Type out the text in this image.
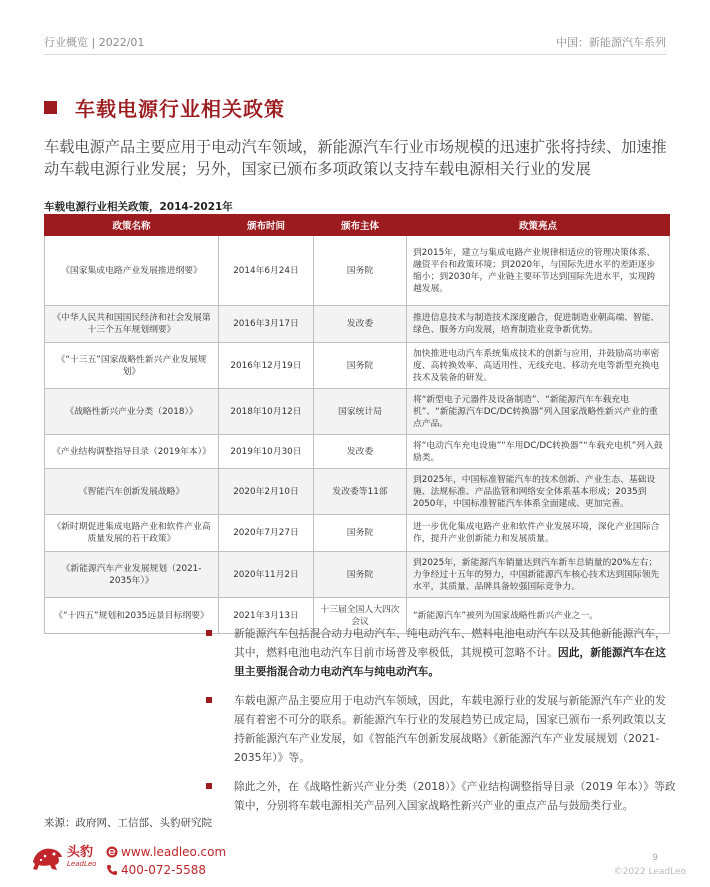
行业概览 | 2022/01	中国：新能源汽车系列
车载电源行业相关政策
车载电源产品主要应用于电动汽车领域，新能源汽车行业市场规模的迅速扩张将持续、加速推动车载电源行业发展；另外，国家已颁布多项政策以支持车载电源相关行业的发展
车载电源行业相关政策，2014-2021年
政策名称	颁布时间	颁布主体	政策亮点
《国家集成电路产业发展推进纲要》	2014年6月24日	国务院	到2015年，建立与集成电路产业规律相适应的管理决策体系、融资平台和政策环境；到2020年，与国际先进水平的差距逐步缩小；到2030年，产业链主要环节达到国际先进水平，实现跨越发展。
《中华人民共和国国民经济和社会发展第十三个五年规划纲要》	2016年3月17日	发改委	推进信息技术与制造技术深度融合，促进制造业朝高端、智能、绿色、服务方向发展，培育制造业竞争新优势。
《“十三五”国家战略性新兴产业发展规划》	2016年12月19日	国务院	加快推进电动汽车系统集成技术的创新与应用，并鼓励高功率密度、高转换效率、高适用性、无线充电、移动充电等新型充换电技术及装备的研发。
《战略性新兴产业分类（2018）》	2018年10月12日	国家统计局	将“新型电子元器件及设备制造”、“新能源汽车车载充电机”、“新能源汽车DC/DC转换器”列入国家战略性新兴产业的重点产品。
《产业结构调整指导目录（2019年本）》	2019年10月30日	发改委	将“电动汽车充电设施”“车用DC/DC转换器”“车载充电机”列入鼓励类。
《智能汽车创新发展战略》	2020年2月10日	发改委等11部	到2025年，中国标准智能汽车的技术创新、产业生态、基础设施、法规标准、产品监管和网络安全体系基本形成；2035到2050年，中国标准智能汽车体系全面建成、更加完善。
《新时期促进集成电路产业和软件产业高质量发展的若干政策》	2020年7月27日	国务院	进一步优化集成电路产业和软件产业发展环境，深化产业国际合作，提升产业创新能力和发展质量。
《新能源汽车产业发展规划（2021-2035年）》	2020年11月2日	国务院	到2025年，新能源汽车销量达到汽车新车总销量的20%左右；力争经过十五年的努力，中国新能源汽车核心技术达到国际领先水平，其质量、品牌具备较强国际竞争力。
《“十四五”规划和2035远景目标纲要》	2021年3月13日	十三届全国人大四次会议	“新能源汽车”被列为国家战略性新兴产业之一。
新能源汽车包括混合动力电动汽车、纯电动汽车、燃料电池电动汽车以及其他新能源汽车，其中，燃料电池电动汽车目前市场普及率极低，其规模可忽略不计。因此，新能源汽车在这里主要指混合动力电动汽车与纯电动汽车。
车载电源产品主要应用于电动汽车领域，因此，车载电源行业的发展与新能源汽车产业的发展有着密不可分的联系。新能源汽车行业的发展趋势已成定局，国家已颁布一系列政策以支持新能源汽车产业发展，如《智能汽车创新发展战略》《新能源汽车产业发展规划（2021-2035年）》等。
除此之外，在《战略性新兴产业分类（2018）》《产业结构调整指导目录（2019 年本）》等政策中，分别将车载电源相关产品列入国家战略性新兴产业的重点产品与鼓励类行业。
来源：政府网、工信部、头豹研究院
头豹
LeadLeo
www.leadleo.com
400-072-5588
9
©2022 LeadLeo
